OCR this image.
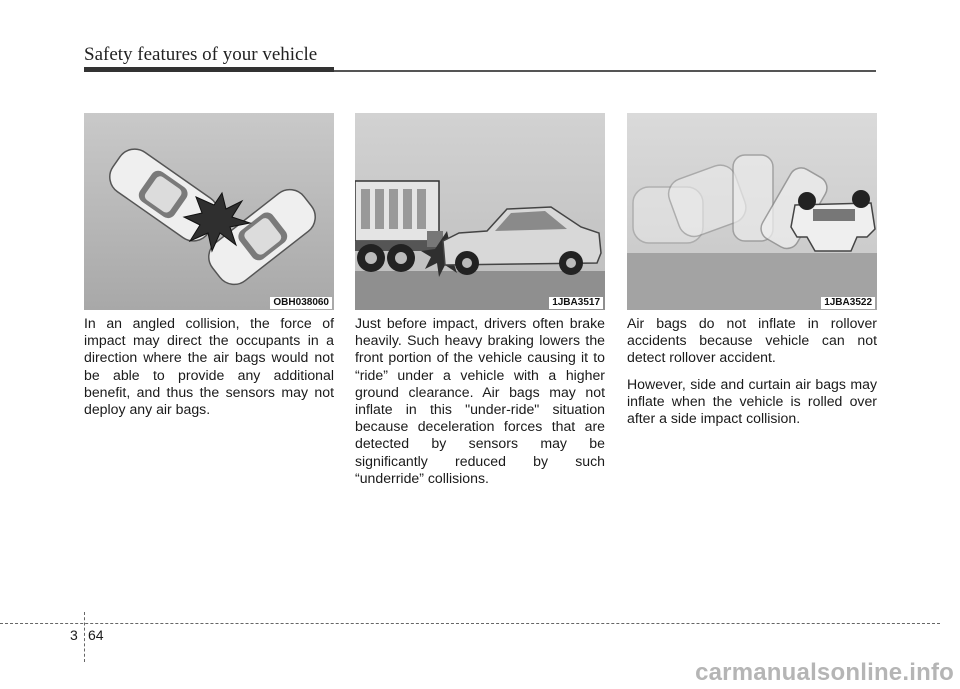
Safety features of your vehicle
OBH038060	1JBA3517	1JBA3522

In an angled collision, the force of impact may direct the occupants in a direction where the air bags would not be able to provide any additional benefit, and thus the sensors may not deploy any air bags.

Just before impact, drivers often brake heavily. Such heavy braking lowers the front portion of the vehicle causing it to “ride” under a vehicle with a higher ground clearance. Air bags may not inflate in this "under-ride" situation because deceleration forces that are detected by sensors may be significantly reduced by such “underride” collisions.

Air bags do not inflate in rollover accidents because vehicle can not detect rollover accident.

However, side and curtain air bags may inflate when the vehicle is rolled over after a side impact collision.

3 64
carmanualsonline.info
